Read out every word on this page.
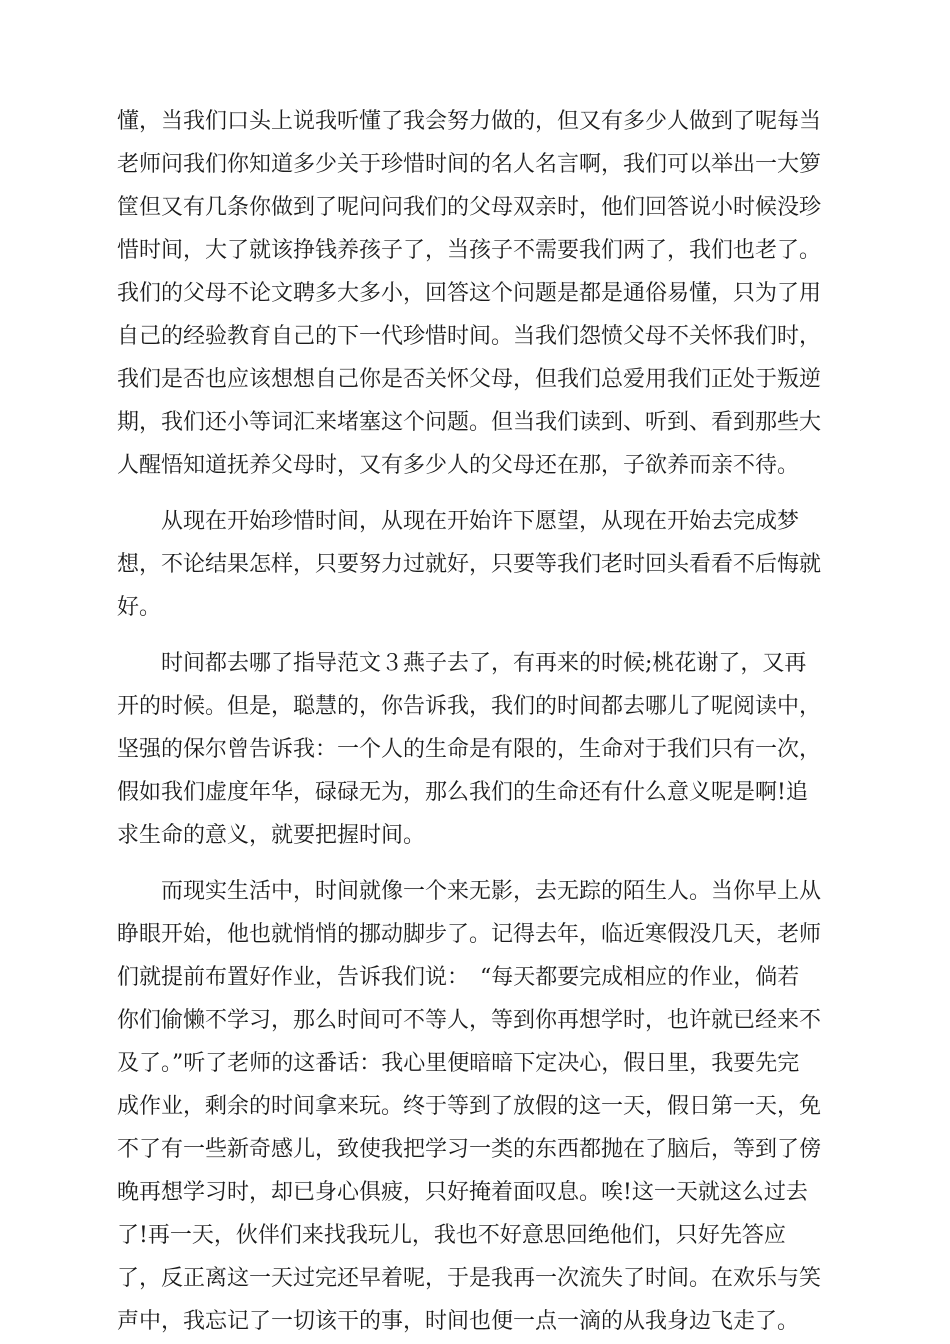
懂，当我们口头上说我听懂了我会努力做的，但又有多少人做到了呢每当
老师问我们你知道多少关于珍惜时间的名人名言啊，我们可以举出一大箩
筐但又有几条你做到了呢问问我们的父母双亲时，他们回答说小时候没珍
惜时间，大了就该挣钱养孩子了，当孩子不需要我们两了，我们也老了。
我们的父母不论文聘多大多小，回答这个问题是都是通俗易懂，只为了用
自己的经验教育自己的下一代珍惜时间。当我们怨愤父母不关怀我们时，
我们是否也应该想想自己你是否关怀父母，但我们总爱用我们正处于叛逆
期，我们还小等词汇来堵塞这个问题。但当我们读到、听到、看到那些大
人醒悟知道抚养父母时，又有多少人的父母还在那，子欲养而亲不待。
　　从现在开始珍惜时间，从现在开始许下愿望，从现在开始去完成梦
想，不论结果怎样，只要努力过就好，只要等我们老时回头看看不后悔就
好。
　　时间都去哪了指导范文３燕子去了，有再来的时候;桃花谢了，又再
开的时候。但是，聪慧的，你告诉我，我们的时间都去哪儿了呢阅读中，
坚强的保尔曾告诉我：一个人的生命是有限的，生命对于我们只有一次，
假如我们虚度年华，碌碌无为，那么我们的生命还有什么意义呢是啊!追
求生命的意义，就要把握时间。
　　而现实生活中，时间就像一个来无影，去无踪的陌生人。当你早上从
睁眼开始，他也就悄悄的挪动脚步了。记得去年，临近寒假没几天，老师
们就提前布置好作业，告诉我们说：　“每天都要完成相应的作业，倘若
你们偷懒不学习，那么时间可不等人，等到你再想学时，也许就已经来不
及了。”听了老师的这番话：我心里便暗暗下定决心，假日里，我要先完
成作业，剩余的时间拿来玩。终于等到了放假的这一天，假日第一天，免
不了有一些新奇感儿，致使我把学习一类的东西都抛在了脑后，等到了傍
晚再想学习时，却已身心俱疲，只好掩着面叹息。唉!这一天就这么过去
了!再一天，伙伴们来找我玩儿，我也不好意思回绝他们，只好先答应
了，反正离这一天过完还早着呢，于是我再一次流失了时间。在欢乐与笑
声中，我忘记了一切该干的事，时间也便一点一滴的从我身边飞走了。
